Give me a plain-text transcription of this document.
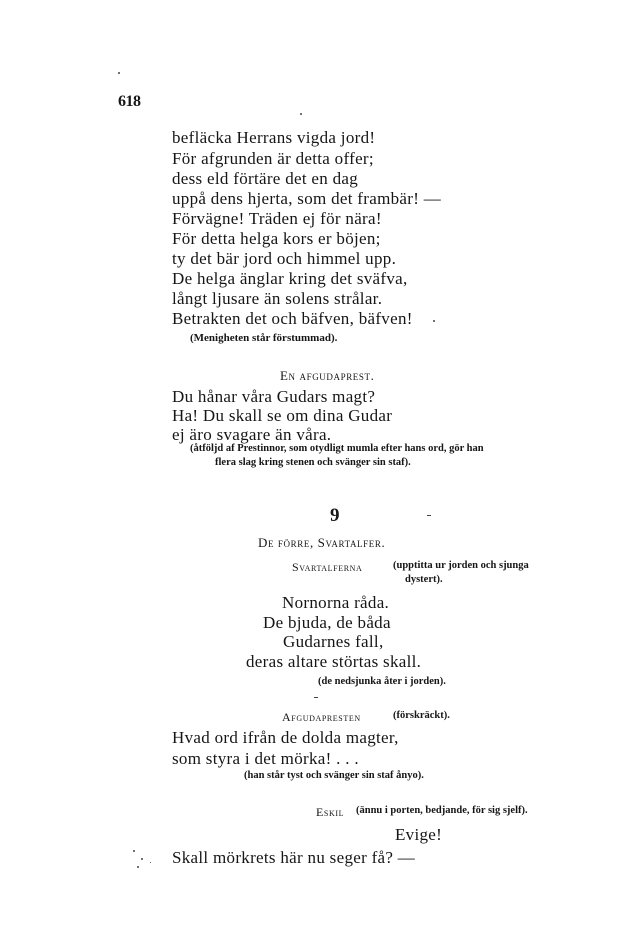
618
befläcka Herrans vigda jord!
För afgrunden är detta offer;
dess eld förtäre det en dag
uppå dens hjerta, som det frambär! —
Förvägne! Träden ej för nära!
För detta helga kors er böjen;
ty det bär jord och himmel upp.
De helga änglar kring det sväfva,
långt ljusare än solens strålar.
Betrakten det och bäfven, bäfven!
(Menigheten står förstummad).
En afgudaprest.
Du hånar våra Gudars magt?
Ha! Du skall se om dina Gudar
ej äro svagare än våra.
(åtföljd af Prestinnor, som otydligt mumla efter hans ord, gör han
flera slag kring stenen och svänger sin staf).
9
De förre, Svartalfer.
Svartalferna	(upptitta ur jorden och sjunga
dystert).
Nornorna råda.
De bjuda, de båda
Gudarnes fall,
deras altare störtas skall.
(de nedsjunka åter i jorden).
Afgudapresten	(förskräckt).
Hvad ord ifrån de dolda magter,
som styra i det mörka! . . .
(han står tyst och svänger sin staf ånyo).
Eskil (ännu i porten, bedjande, för sig sjelf).
Evige!
Skall mörkrets här nu seger få? —
